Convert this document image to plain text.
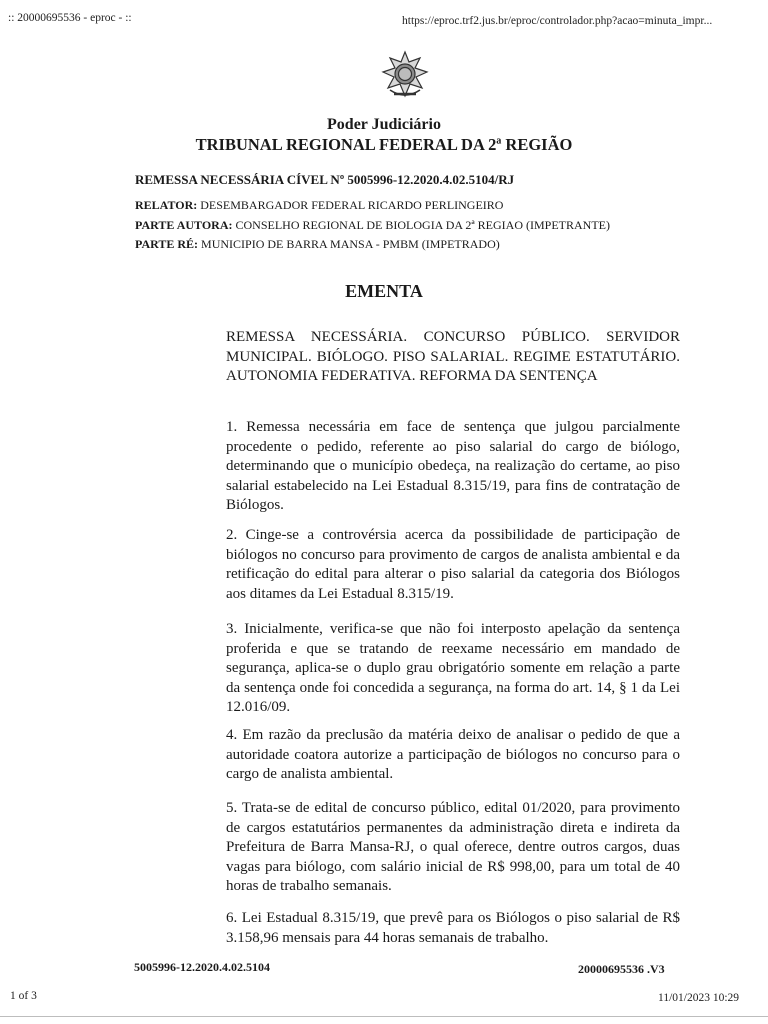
:: 20000695536 - eproc - ::	https://eproc.trf2.jus.br/eproc/controlador.php?acao=minuta_impr...
Poder Judiciário
TRIBUNAL REGIONAL FEDERAL DA 2ª REGIÃO
REMESSA NECESSÁRIA CÍVEL Nº 5005996-12.2020.4.02.5104/RJ
RELATOR: DESEMBARGADOR FEDERAL RICARDO PERLINGEIRO
PARTE AUTORA: CONSELHO REGIONAL DE BIOLOGIA DA 2ª REGIAO (IMPETRANTE)
PARTE RÉ: MUNICIPIO DE BARRA MANSA - PMBM (IMPETRADO)
EMENTA
REMESSA NECESSÁRIA. CONCURSO PÚBLICO. SERVIDOR MUNICIPAL. BIÓLOGO. PISO SALARIAL. REGIME ESTATUTÁRIO. AUTONOMIA FEDERATIVA. REFORMA DA SENTENÇA
1. Remessa necessária em face de sentença que julgou parcialmente procedente o pedido, referente ao piso salarial do cargo de biólogo, determinando que o município obedeça, na realização do certame, ao piso salarial estabelecido na Lei Estadual 8.315/19, para fins de contratação de Biólogos.
2. Cinge-se a controvérsia acerca da possibilidade de participação de biólogos no concurso para provimento de cargos de analista ambiental e da retificação do edital para alterar o piso salarial da categoria dos Biólogos aos ditames da Lei Estadual 8.315/19.
3. Inicialmente, verifica-se que não foi interposto apelação da sentença proferida e que se tratando de reexame necessário em mandado de segurança, aplica-se o duplo grau obrigatório somente em relação a parte da sentença onde foi concedida a segurança, na forma do art. 14, § 1 da Lei 12.016/09.
4. Em razão da preclusão da matéria deixo de analisar o pedido de que a autoridade coatora autorize a participação de biólogos no concurso para o cargo de analista ambiental.
5. Trata-se de edital de concurso público, edital 01/2020, para provimento de cargos estatutários permanentes da administração direta e indireta da Prefeitura de Barra Mansa-RJ, o qual oferece, dentre outros cargos, duas vagas para biólogo, com salário inicial de R$ 998,00, para um total de 40 horas de trabalho semanais.
6. Lei Estadual 8.315/19, que prevê para os Biólogos o piso salarial de R$ 3.158,96 mensais para 44 horas semanais de trabalho.
5005996-12.2020.4.02.5104	20000695536 .V3
1 of 3	11/01/2023 10:29
